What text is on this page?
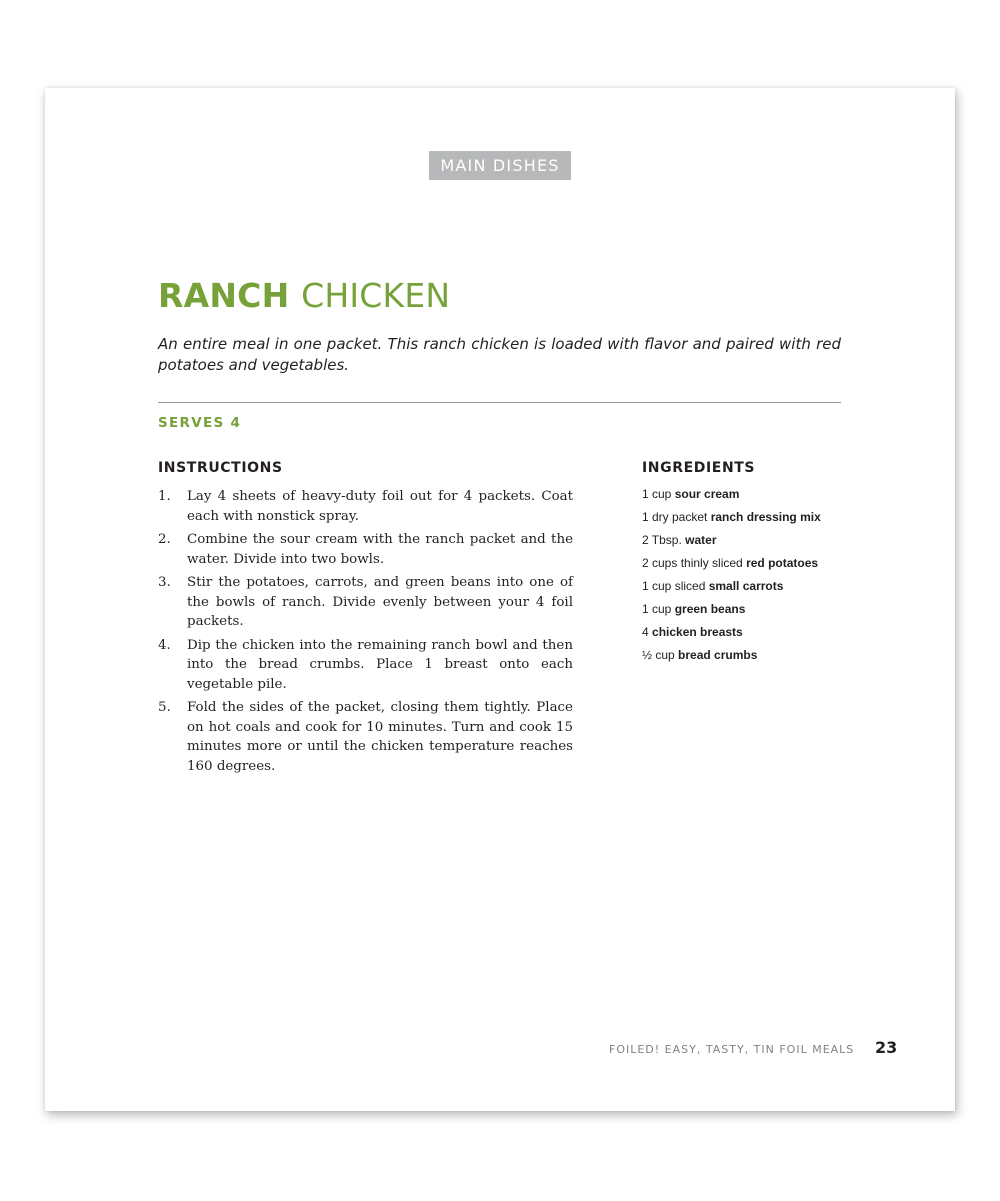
MAIN DISHES
RANCH CHICKEN

An entire meal in one packet. This ranch chicken is loaded with flavor and paired with red potatoes and vegetables.

SERVES 4
INSTRUCTIONS
1. Lay 4 sheets of heavy-duty foil out for 4 packets. Coat each with nonstick spray.
2. Combine the sour cream with the ranch packet and the water. Divide into two bowls.
3. Stir the potatoes, carrots, and green beans into one of the bowls of ranch. Divide evenly between your 4 foil packets.
4. Dip the chicken into the remaining ranch bowl and then into the bread crumbs. Place 1 breast onto each vegetable pile.
5. Fold the sides of the packet, closing them tightly. Place on hot coals and cook for 10 minutes. Turn and cook 15 minutes more or until the chicken temperature reaches 160 degrees.
INGREDIENTS
1 cup sour cream
1 dry packet ranch dressing mix
2 Tbsp. water
2 cups thinly sliced red potatoes
1 cup sliced small carrots
1 cup green beans
4 chicken breasts
½ cup bread crumbs
FOILED! EASY, TASTY, TIN FOIL MEALS 23
